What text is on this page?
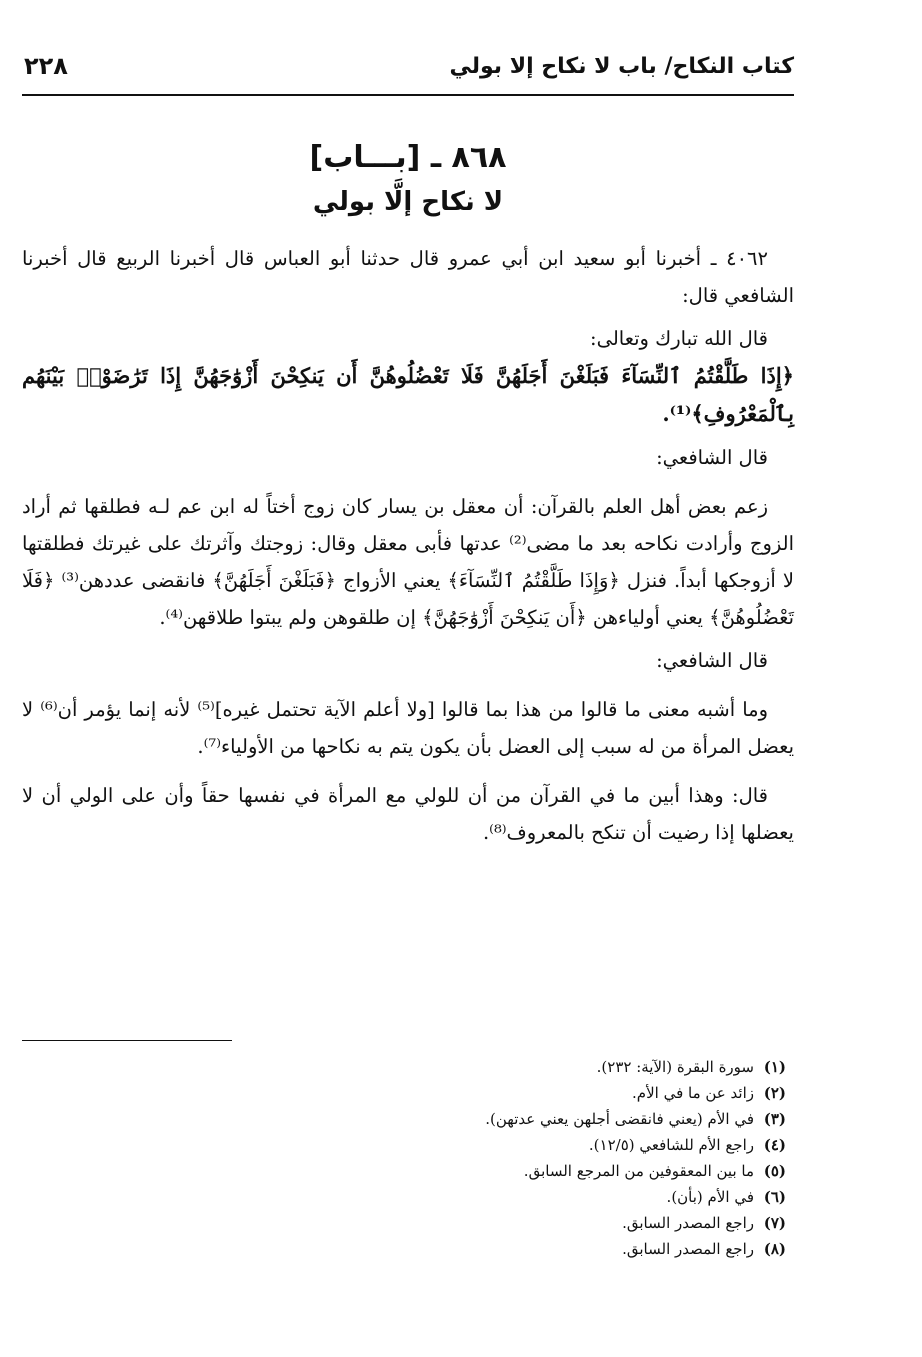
كتاب النكاح/ باب لا نكاح إلا بولي
٢٢٨
٨٦٨ ـ [بـــاب]
لا نكاح إلَّا بولي

٤٠٦٢ ـ أخبرنا أبو سعيد ابن أبي عمرو قال حدثنا أبو العباس قال أخبرنا الربيع قال أخبرنا الشافعي قال:

قال الله تبارك وتعالى:

﴿إِذَا طَلَّقْتُمُ ٱلنِّسَآءَ فَبَلَغْنَ أَجَلَهُنَّ فَلَا تَعْضُلُوهُنَّ أَن يَنكِحْنَ أَزْوَٰجَهُنَّ إِذَا تَرَٰضَوْا۟ بَيْنَهُم بِٱلْمَعْرُوفِ﴾⁽¹⁾.

قال الشافعي:

زعم بعض أهل العلم بالقرآن: أن معقل بن يسار كان زوج أختاً له ابن عم لـه فطلقها ثم أراد الزوج وأرادت نكاحه بعد ما مضى⁽²⁾ عدتها فأبى معقل وقال: زوجتك وآثرتك على غيرتك فطلقتها لا أزوجكها أبداً. فنزل ﴿وَإِذَا طَلَّقْتُمُ ٱلنِّسَآءَ﴾ يعني الأزواج ﴿فَبَلَغْنَ أَجَلَهُنَّ﴾ فانقضى عددهن⁽³⁾ ﴿فَلَا تَعْضُلُوهُنَّ﴾ يعني أولياءهن ﴿أَن يَنكِحْنَ أَزْوَٰجَهُنَّ﴾ إن طلقوهن ولم يبتوا طلاقهن⁽⁴⁾.

قال الشافعي:

وما أشبه معنى ما قالوا من هذا بما قالوا [ولا أعلم الآية تحتمل غيره]⁽⁵⁾ لأنه إنما يؤمر أن⁽⁶⁾ لا يعضل المرأة من له سبب إلى العضل بأن يكون يتم به نكاحها من الأولياء⁽⁷⁾.

قال: وهذا أبين ما في القرآن من أن للولي مع المرأة في نفسها حقاً وأن على الولي أن لا يعضلها إذا رضيت أن تنكح بالمعروف⁽⁸⁾.

(١)
سورة البقرة (الآية: ٢٣٢).
(٢)
زائد عن ما في الأم.
(٣)
في الأم (يعني فانقضى أجلهن يعني عدتهن).
(٤)
راجع الأم للشافعي (١٢/٥).
(٥)
ما بين المعقوفين من المرجع السابق.
(٦)
في الأم (بأن).
(٧)
راجع المصدر السابق.
(٨)
راجع المصدر السابق.
